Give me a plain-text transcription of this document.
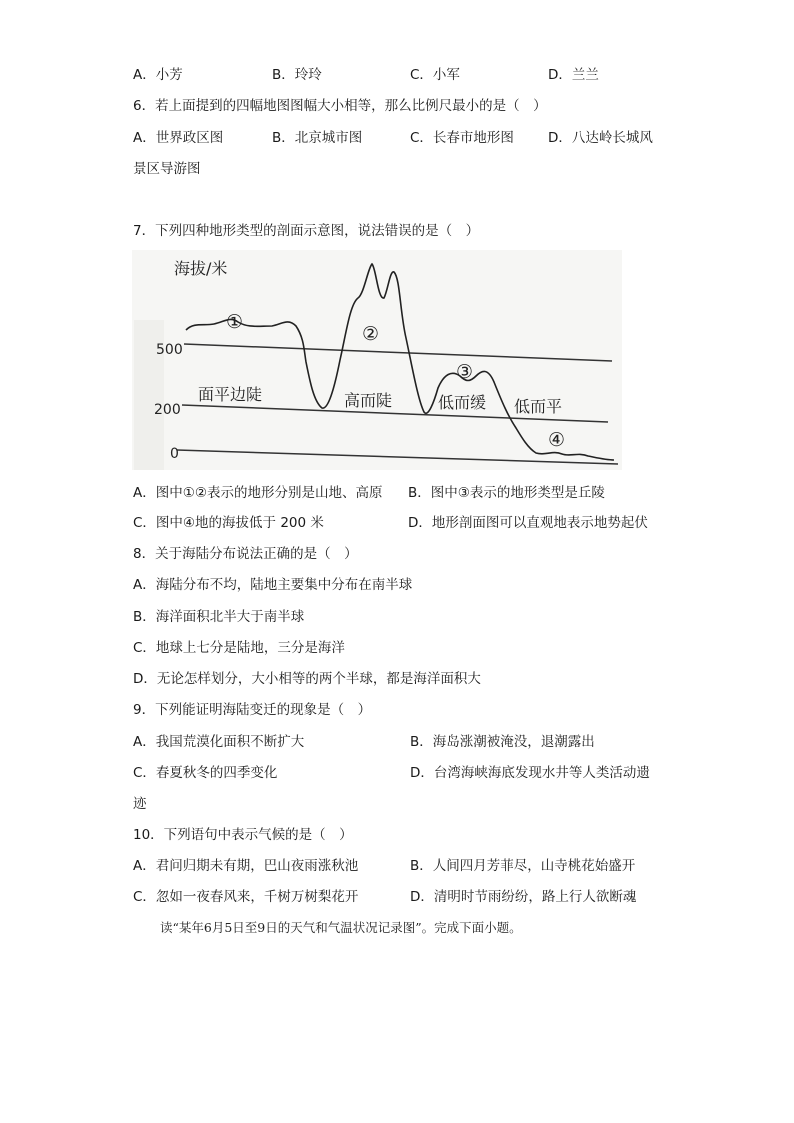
A．小芳	B．玲玲	C．小军	D．兰兰
6．若上面提到的四幅地图图幅大小相等，那么比例尺最小的是（　）
A．世界政区图	B．北京城市图	C．长春市地形图	D．八达岭长城风
景区导游图
7．下列四种地形类型的剖面示意图，说法错误的是（　）
海拔/米
500
200
0
①
②
③
④
面平边陡	高而陡	低而缓 低而平
A．图中①②表示的地形分别是山地、高原 B．图中③表示的地形类型是丘陵
C．图中④地的海拔低于 200 米	D．地形剖面图可以直观地表示地势起伏
8．关于海陆分布说法正确的是（　）
A．海陆分布不均，陆地主要集中分布在南半球
B．海洋面积北半大于南半球
C．地球上七分是陆地，三分是海洋
D．无论怎样划分，大小相等的两个半球，都是海洋面积大
9．下列能证明海陆变迁的现象是（　）
A．我国荒漠化面积不断扩大	B．海岛涨潮被淹没，退潮露出
C．春夏秋冬的四季变化	D．台湾海峡海底发现水井等人类活动遗
迹
10．下列语句中表示气候的是（　）
A．君问归期未有期，巴山夜雨涨秋池	B．人间四月芳菲尽，山寺桃花始盛开
C．忽如一夜春风来，千树万树梨花开	D．清明时节雨纷纷，路上行人欲断魂
读“某年6月5日至9日的天气和气温状况记录图”。完成下面小题。
